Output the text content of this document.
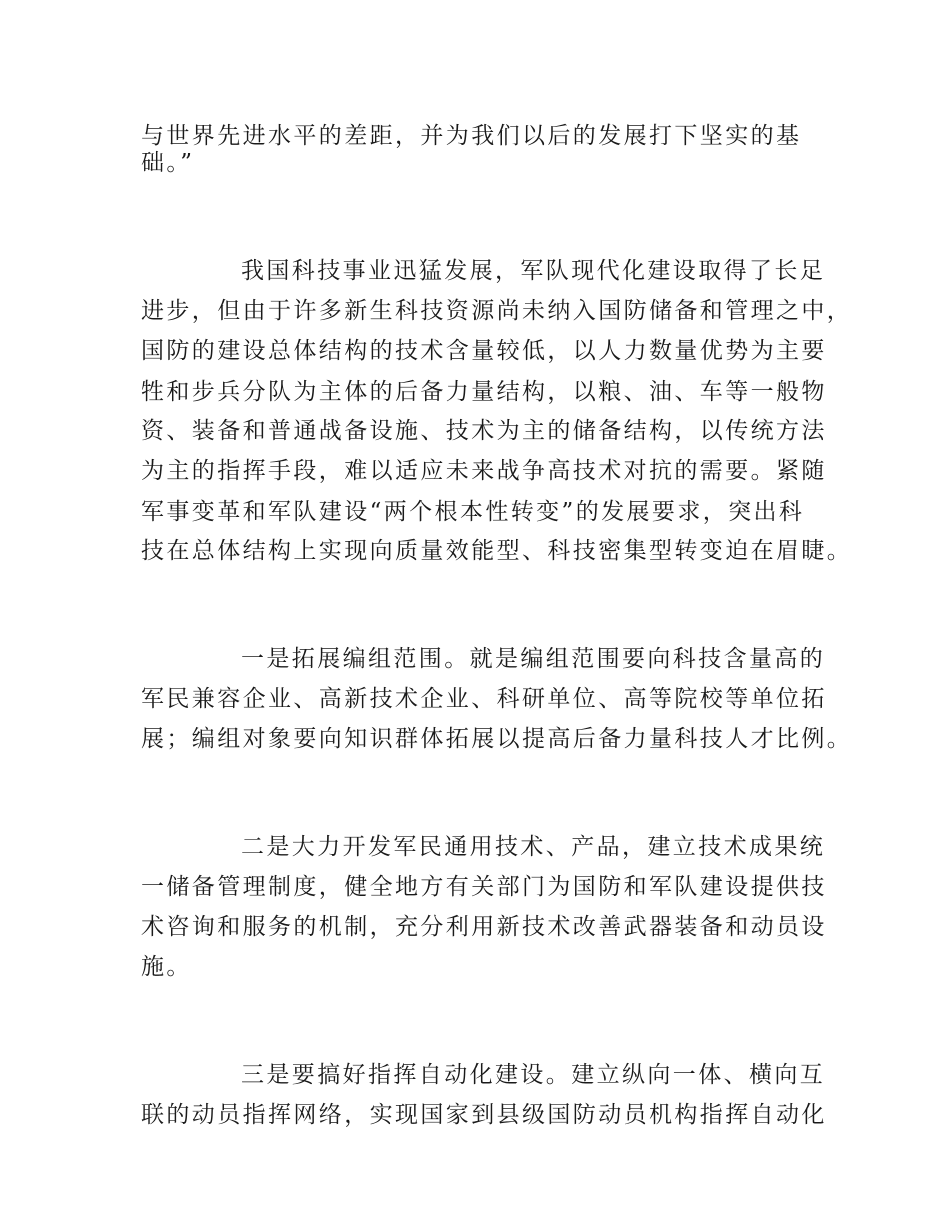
与世界先进水平的差距，并为我们以后的发展打下坚实的基

础。”

我国科技事业迅猛发展，军队现代化建设取得了长足

进步，但由于许多新生科技资源尚未纳入国防储备和管理之中，

国防的建设总体结构的技术含量较低，以人力数量优势为主要

牲和步兵分队为主体的后备力量结构，以粮、油、车等一般物

资、装备和普通战备设施、技术为主的储备结构，以传统方法

为主的指挥手段，难以适应未来战争高技术对抗的需要。紧随

军事变革和军队建设“两个根本性转变”的发展要求，突出科

技在总体结构上实现向质量效能型、科技密集型转变迫在眉睫。

一是拓展编组范围。就是编组范围要向科技含量高的

军民兼容企业、高新技术企业、科研单位、高等院校等单位拓

展；编组对象要向知识群体拓展以提高后备力量科技人才比例。

二是大力开发军民通用技术、产品，建立技术成果统

一储备管理制度，健全地方有关部门为国防和军队建设提供技

术咨询和服务的机制，充分利用新技术改善武器装备和动员设

施。

三是要搞好指挥自动化建设。建立纵向一体、横向互

联的动员指挥网络，实现国家到县级国防动员机构指挥自动化
